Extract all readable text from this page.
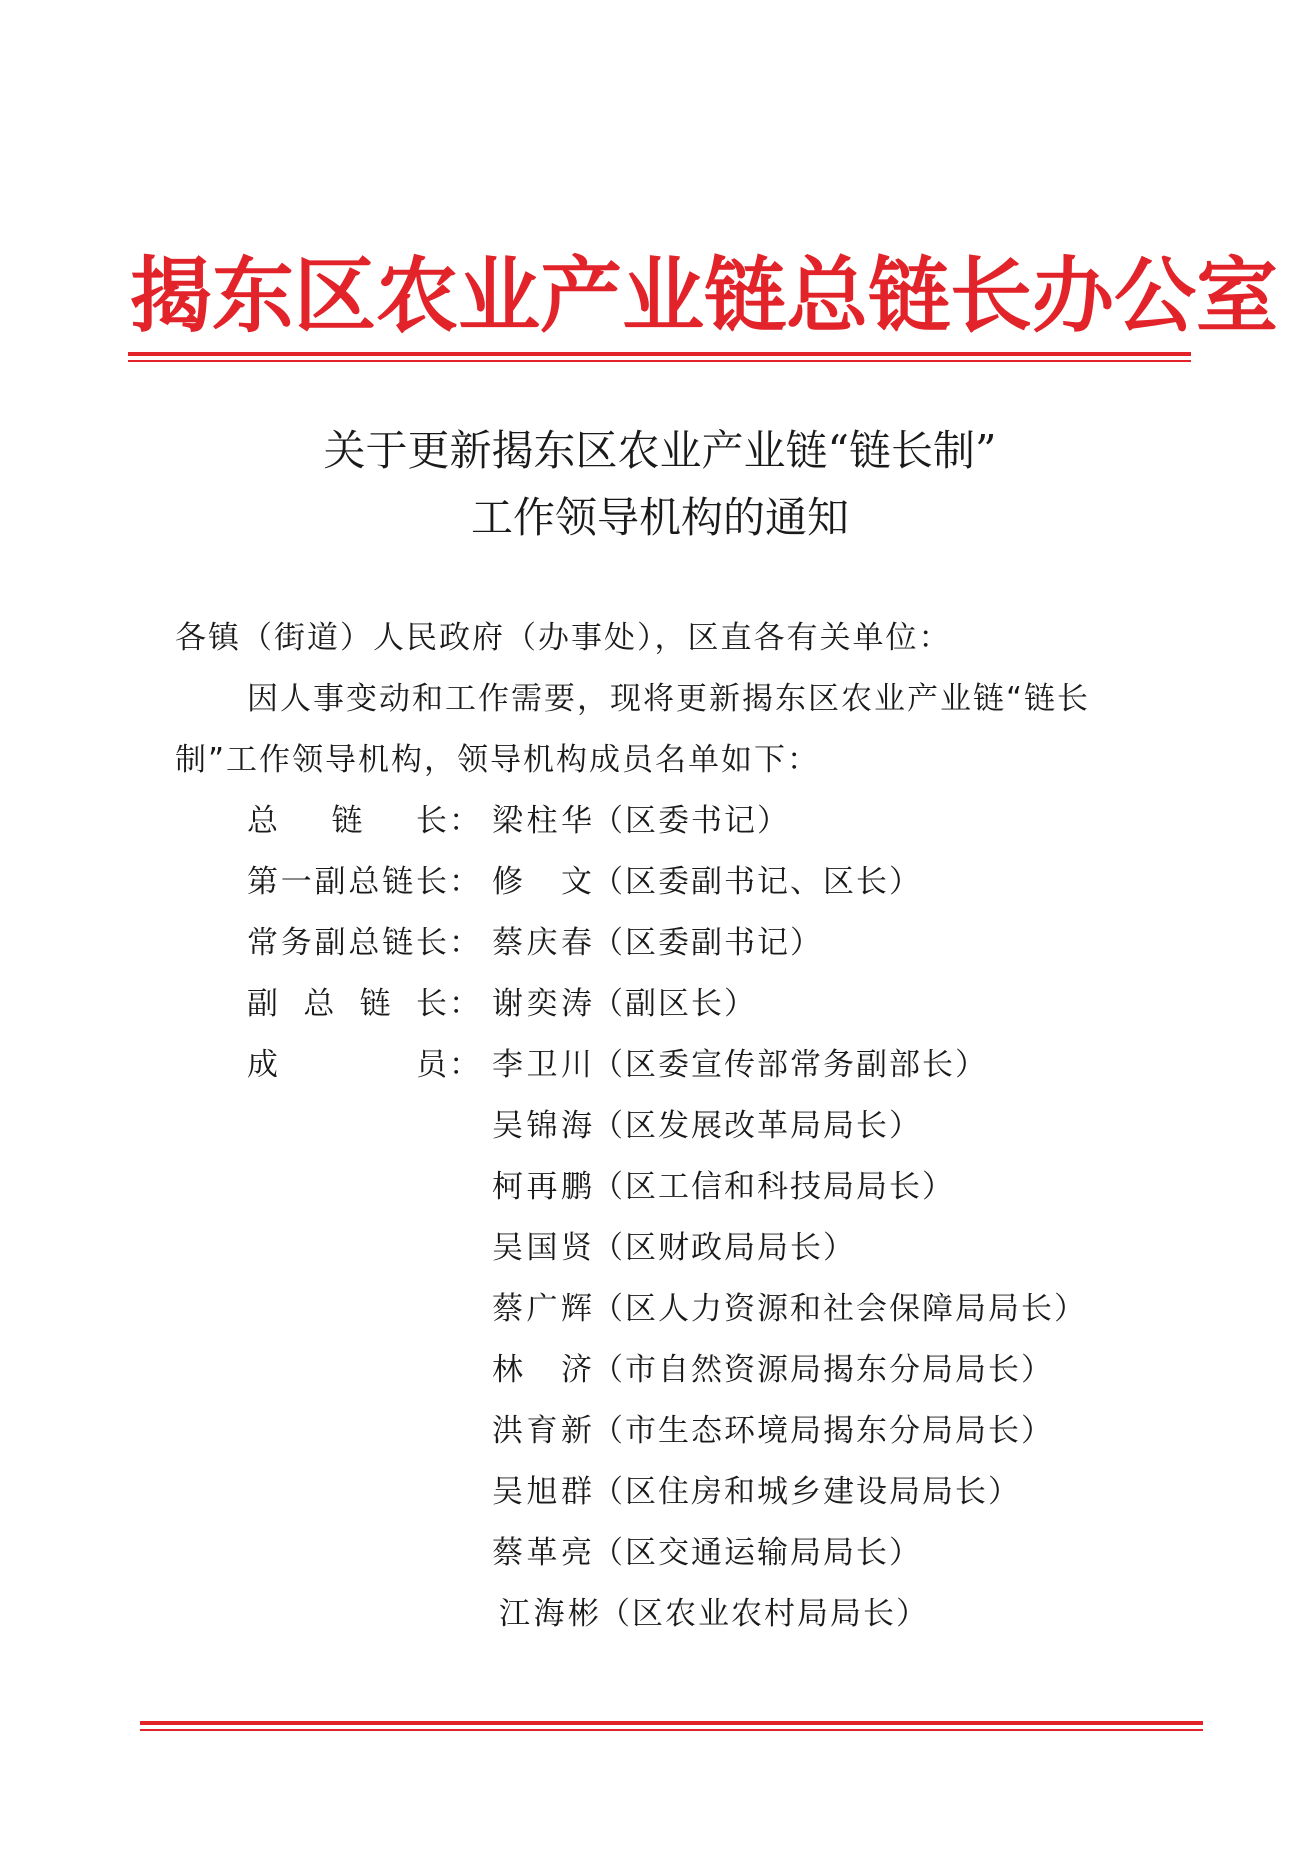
揭东区农业产业链总链长办公室
关于更新揭东区农业产业链“链长制”
工作领导机构的通知
各镇（街道）人民政府（办事处），区直各有关单位：
因人事变动和工作需要，现将更新揭东区农业产业链“链长
制”工作领导机构，领导机构成员名单如下：
总链长 ： 梁柱华（区委书记）
第一副总链长 ： 修文（区委副书记、区长）
常务副总链长 ： 蔡庆春（区委副书记）
副总链长 ： 谢奕涛（副区长）
成员 ： 李卫川（区委宣传部常务副部长）
吴锦海（区发展改革局局长）
柯再鹏（区工信和科技局局长）
吴国贤（区财政局局长）
蔡广辉（区人力资源和社会保障局局长）
林济（市自然资源局揭东分局局长）
洪育新（市生态环境局揭东分局局长）
吴旭群（区住房和城乡建设局局长）
蔡革亮（区交通运输局局长）
江海彬（区农业农村局局长）
